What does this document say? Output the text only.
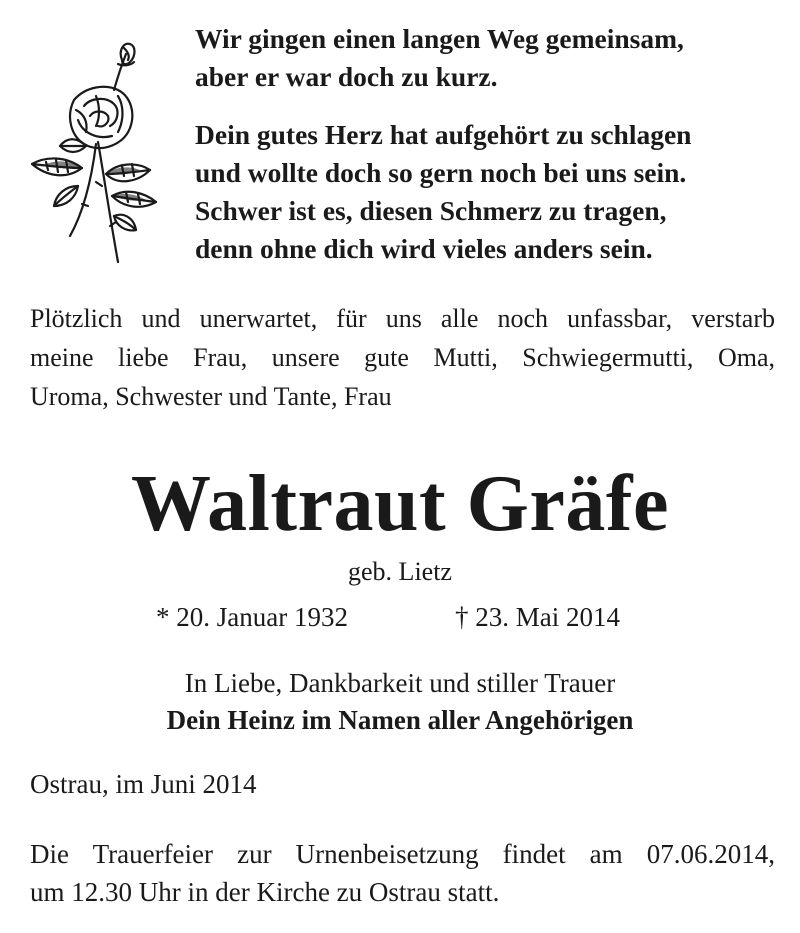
Wir gingen einen langen Weg gemeinsam,
aber er war doch zu kurz.

Dein gutes Herz hat aufgehört zu schlagen
und wollte doch so gern noch bei uns sein.
Schwer ist es, diesen Schmerz zu tragen,
denn ohne dich wird vieles anders sein.

Plötzlich und unerwartet, für uns alle noch unfassbar, verstarb
meine liebe Frau, unsere gute Mutti, Schwiegermutti, Oma,
Uroma, Schwester und Tante, Frau
Waltraut Gräfe
geb. Lietz
* 20. Januar 1932	† 23. Mai 2014
In Liebe, Dankbarkeit und stiller Trauer
Dein Heinz im Namen aller Angehörigen
Ostrau, im Juni 2014
Die Trauerfeier zur Urnenbeisetzung findet am 07.06.2014,
um 12.30 Uhr in der Kirche zu Ostrau statt.
